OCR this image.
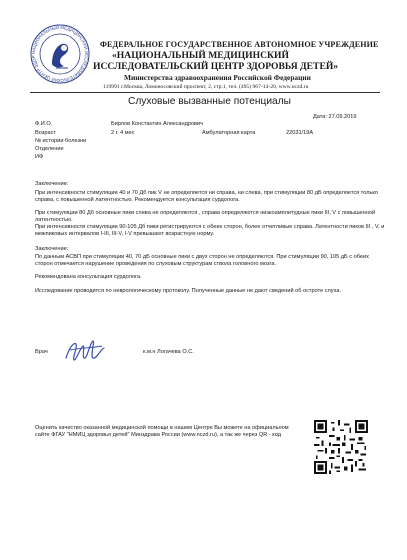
НАЦИОНАЛЬНЫЙ МЕДИЦИНСКИЙ ИССЛЕДОВАТЕЛЬСКИЙ ЦЕНТР ЗДОР
ФЕДЕРАЛЬНОЕ ГОСУДАРСТВЕННОЕ АВТОНОМНОЕ УЧРЕЖДЕНИЕ
«НАЦИОНАЛЬНЫЙ МЕДИЦИНСКИЙ
ИССЛЕДОВАТЕЛЬСКИЙ ЦЕНТР ЗДОРОВЬЯ ДЕТЕЙ»
Министерства здравоохранения Российской Федерации
119991 г.Москва, Ломоносовский проспект, 2, стр.1, тел. (495) 967-14-20, www.nczd.ru
Слуховые вызванные потенциалы
Дата: 27.09.2019
Ф.И.О.	Бирлов Константин Александрович
Возраст	2 г. 4 мес	Амбулаторная карта	22031/19А
№ истории болезни
Отделение
ИФ
Заключение:
При интенсивности стимуляции 40 и 70 Дб пик V не определяется ни справа, ни слева, при стимуляции 80 дБ определяется только справа, с повышенной латентностью. Рекомендуется консультация сурдолога.
При стимуляции 80 Дб основные пики слева не определяются , справа определяются низкоамплитудные пики III, V с повышенной латентностью.
При интенсивности стимуляции 90-105 Дб пики регистрируются с обеих сторон, более отчетливые справа. Латентности пиков III , V, и межпиковых интервалов I-III, III-V, I-V превышают возрастную норму.
Заключение:
По данным АСВП при стимуляции 40, 70 дБ основные пики с двух сторон не определяются. При стимуляции 90, 105 дБ с обеих сторон отмечается нарушение проведения по слуховым структурам ствола головного мозга.
Рекомендована консультация сурдолога.
Исследование проводится по неврологическому протоколу. Полученные данные не дают сведений об остроте слуха.
Врач	к.м.н Логачева О.С.
Оценить качество оказанной медицинской помощи в нашем Центре Вы можете на официальном
сайте ФГАУ "НМИЦ здоровья детей" Минздрава России (www.nczd.ru), а так же через QR - код
